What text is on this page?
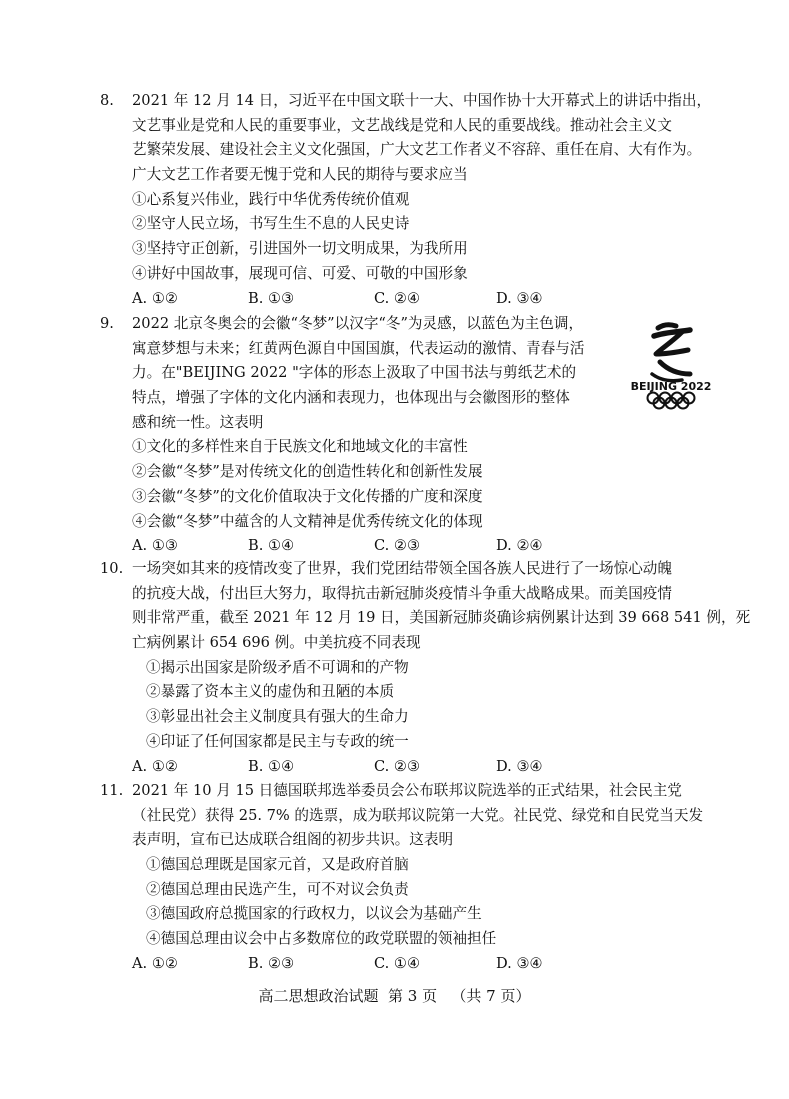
8. 2021 年 12 月 14 日，习近平在中国文联十一大、中国作协十大开幕式上的讲话中指出，
文艺事业是党和人民的重要事业，文艺战线是党和人民的重要战线。推动社会主义文
艺繁荣发展、建设社会主义文化强国，广大文艺工作者义不容辞、重任在肩、大有作为。
广大文艺工作者要无愧于党和人民的期待与要求应当
①心系复兴伟业，践行中华优秀传统价值观
②坚守人民立场，书写生生不息的人民史诗
③坚持守正创新，引进国外一切文明成果，为我所用
④讲好中国故事，展现可信、可爱、可敬的中国形象
A. ①②	B. ①③	C. ②④	D. ③④
9. 2022 北京冬奥会的会徽“冬梦”以汉字“冬”为灵感，以蓝色为主色调，
寓意梦想与未来；红黄两色源自中国国旗，代表运动的激情、青春与活
力。在"BEIJING 2022 "字体的形态上汲取了中国书法与剪纸艺术的
特点，增强了字体的文化内涵和表现力，也体现出与会徽图形的整体
感和统一性。这表明
①文化的多样性来自于民族文化和地域文化的丰富性
②会徽“冬梦”是对传统文化的创造性转化和创新性发展
③会徽“冬梦”的文化价值取决于文化传播的广度和深度
④会徽“冬梦”中蕴含的人文精神是优秀传统文化的体现
A. ①③	B. ①④	C. ②③	D. ②④
BEIJING 2022
10. 一场突如其来的疫情改变了世界，我们党团结带领全国各族人民进行了一场惊心动魄
的抗疫大战，付出巨大努力，取得抗击新冠肺炎疫情斗争重大战略成果。而美国疫情
则非常严重，截至 2021 年 12 月 19 日，美国新冠肺炎确诊病例累计达到 39 668 541 例，死
亡病例累计 654 696 例。中美抗疫不同表现
①揭示出国家是阶级矛盾不可调和的产物
②暴露了资本主义的虚伪和丑陋的本质
③彰显出社会主义制度具有强大的生命力
④印证了任何国家都是民主与专政的统一
A. ①②	B. ①④	C. ②③	D. ③④
11. 2021 年 10 月 15 日德国联邦选举委员会公布联邦议院选举的正式结果，社会民主党
（社民党）获得 25. 7% 的选票，成为联邦议院第一大党。社民党、绿党和自民党当天发
表声明，宣布已达成联合组阁的初步共识。这表明
①德国总理既是国家元首，又是政府首脑
②德国总理由民选产生，可不对议会负责
③德国政府总揽国家的行政权力，以议会为基础产生
④德国总理由议会中占多数席位的政党联盟的领袖担任
A. ①②	B. ②③	C. ①④	D. ③④
高二思想政治试题  第 3 页   （共 7 页）
